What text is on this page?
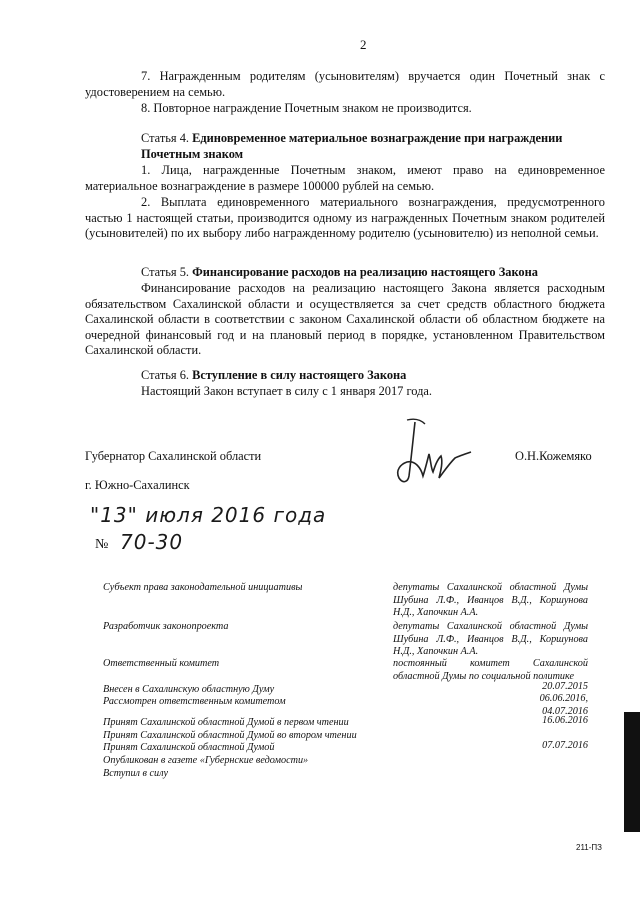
2
7. Награжденным родителям (усыновителям) вручается один Почетный знак с удостоверением на семью.
8. Повторное награждение Почетным знаком не производится.
Статья 4. Единовременное материальное вознаграждение при награждении Почетным знаком
1. Лица, награжденные Почетным знаком, имеют право на единовременное материальное вознаграждение в размере 100000 рублей на семью.
2. Выплата единовременного материального вознаграждения, предусмотренного частью 1 настоящей статьи, производится одному из награжденных Почетным знаком родителей (усыновителей) по их выбору либо награжденному родителю (усыновителю) из неполной семьи.
Статья 5. Финансирование расходов на реализацию настоящего Закона
Финансирование расходов на реализацию настоящего Закона является расходным обязательством Сахалинской области и осуществляется за счет средств областного бюджета Сахалинской области в соответствии с законом Сахалинской области об областном бюджете на очередной финансовый год и на плановый период в порядке, установленном Правительством Сахалинской области.
Статья 6. Вступление в силу настоящего Закона
Настоящий Закон вступает в силу с 1 января 2017 года.
Губернатор Сахалинской области	О.Н.Кожемяко
г. Южно-Сахалинск
"13" июля 2016 года
№ 70-30
Субъект права законодательной инициативы	депутаты Сахалинской областной Думы Шубина Л.Ф., Иванцов В.Д., Коршунова Н.Д., Хапочкин А.А.
Разработчик законопроекта	депутаты Сахалинской областной Думы Шубина Л.Ф., Иванцов В.Д., Коршунова Н.Д., Хапочкин А.А.
Ответственный комитет	постоянный комитет Сахалинской областной Думы по социальной политике
Внесен в Сахалинскую областную Думу	20.07.2015
Рассмотрен ответственным комитетом	06.06.2016, 04.07.2016
Принят Сахалинской областной Думой в первом чтении	16.06.2016
Принят Сахалинской областной Думой во втором чтении
Принят Сахалинской областной Думой	07.07.2016
Опубликован в газете «Губернские ведомости»
Вступил в силу
211-ПЗ
